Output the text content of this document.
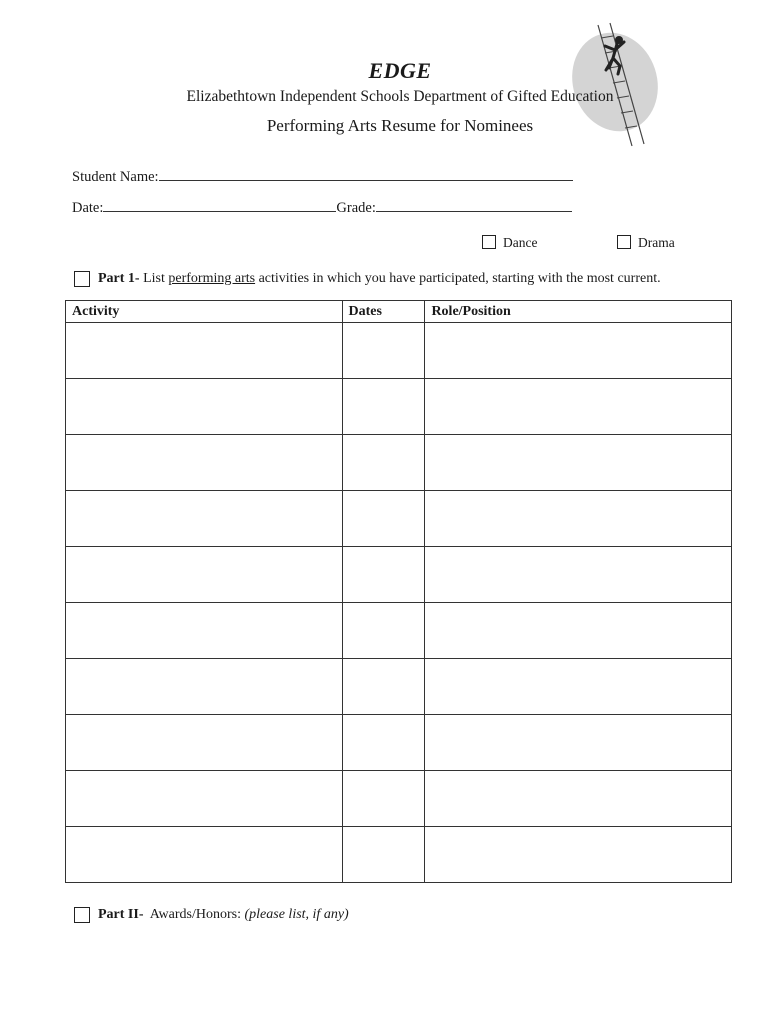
EDGE
Elizabethtown Independent Schools Department of Gifted Education
Performing Arts Resume for Nominees
Student Name:
Date:	Grade:
Dance	Drama
Part 1- List performing arts activities in which you have participated, starting with the most current.
Activity	Dates	Role/Position

Part II- Awards/Honors: (please list, if any)
